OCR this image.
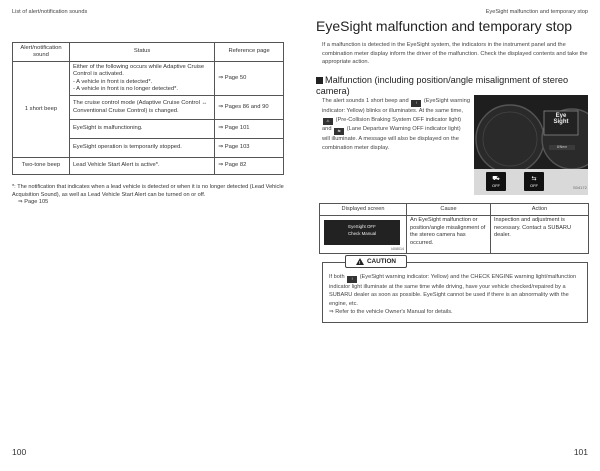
List of alert/notification sounds
Alert/notification sound	Status	Reference page
1 short beep	Either of the following occurs while Adaptive Cruise Control is activated.
- A vehicle in front is detected*.
- A vehicle in front is no longer detected*.	⇒ Page 50
	The cruise control mode (Adaptive Cruise Control ↔ Conventional Cruise Control) is changed.	⇒ Pages 86 and 90
	EyeSight is malfunctioning.	⇒ Page 101
	EyeSight operation is temporarily stopped.	⇒ Page 103
Two-tone beep	Lead Vehicle Start Alert is active*.	⇒ Page 82
*: The notification that indicates when a lead vehicle is detected or when it is no longer detected (Lead Vehicle Acquisition Sound), as well as Lead Vehicle Start Alert can be turned on or off.
⇒ Page 105
100
EyeSight malfunction and temporary stop
EyeSight malfunction and temporary stop

If a malfunction is detected in the EyeSight system, the indicators in the instrument panel and the combination meter display inform the driver of the malfunction. Check the displayed contents and take the appropriate action.

Malfunction (including position/angle misalignment of stereo camera)
The alert sounds 1 short beep and ! (EyeSight warning indicator: Yellow) blinks or illuminates. At the same time, ⚠ (Pre-Collision Braking System OFF indicator light) and ⇆ (Lane Departure Warning OFF indicator light) will illuminate. A message will also be displayed on the combination meter display.
Eye
Sight
8/Nem
⛟
OFF
⇆
OFF	S04172
Displayed screen	Cause	Action

EyeSight OFF
Check Manual
I408014	An EyeSight malfunction or position/angle misalignment of the stereo camera has occurred.	Inspection and adjustment is necessary. Contact a SUBARU dealer.
If both ! (EyeSight warning indicator: Yellow) and the CHECK ENGINE warning light/malfunction indicator light illuminate at the same time while driving, have your vehicle checked/repaired by a SUBARU dealer as soon as possible. EyeSight cannot be used if there is an abnormality with the engine, etc.
⇒ Refer to the vehicle Owner's Manual for details.
! CAUTION
101
